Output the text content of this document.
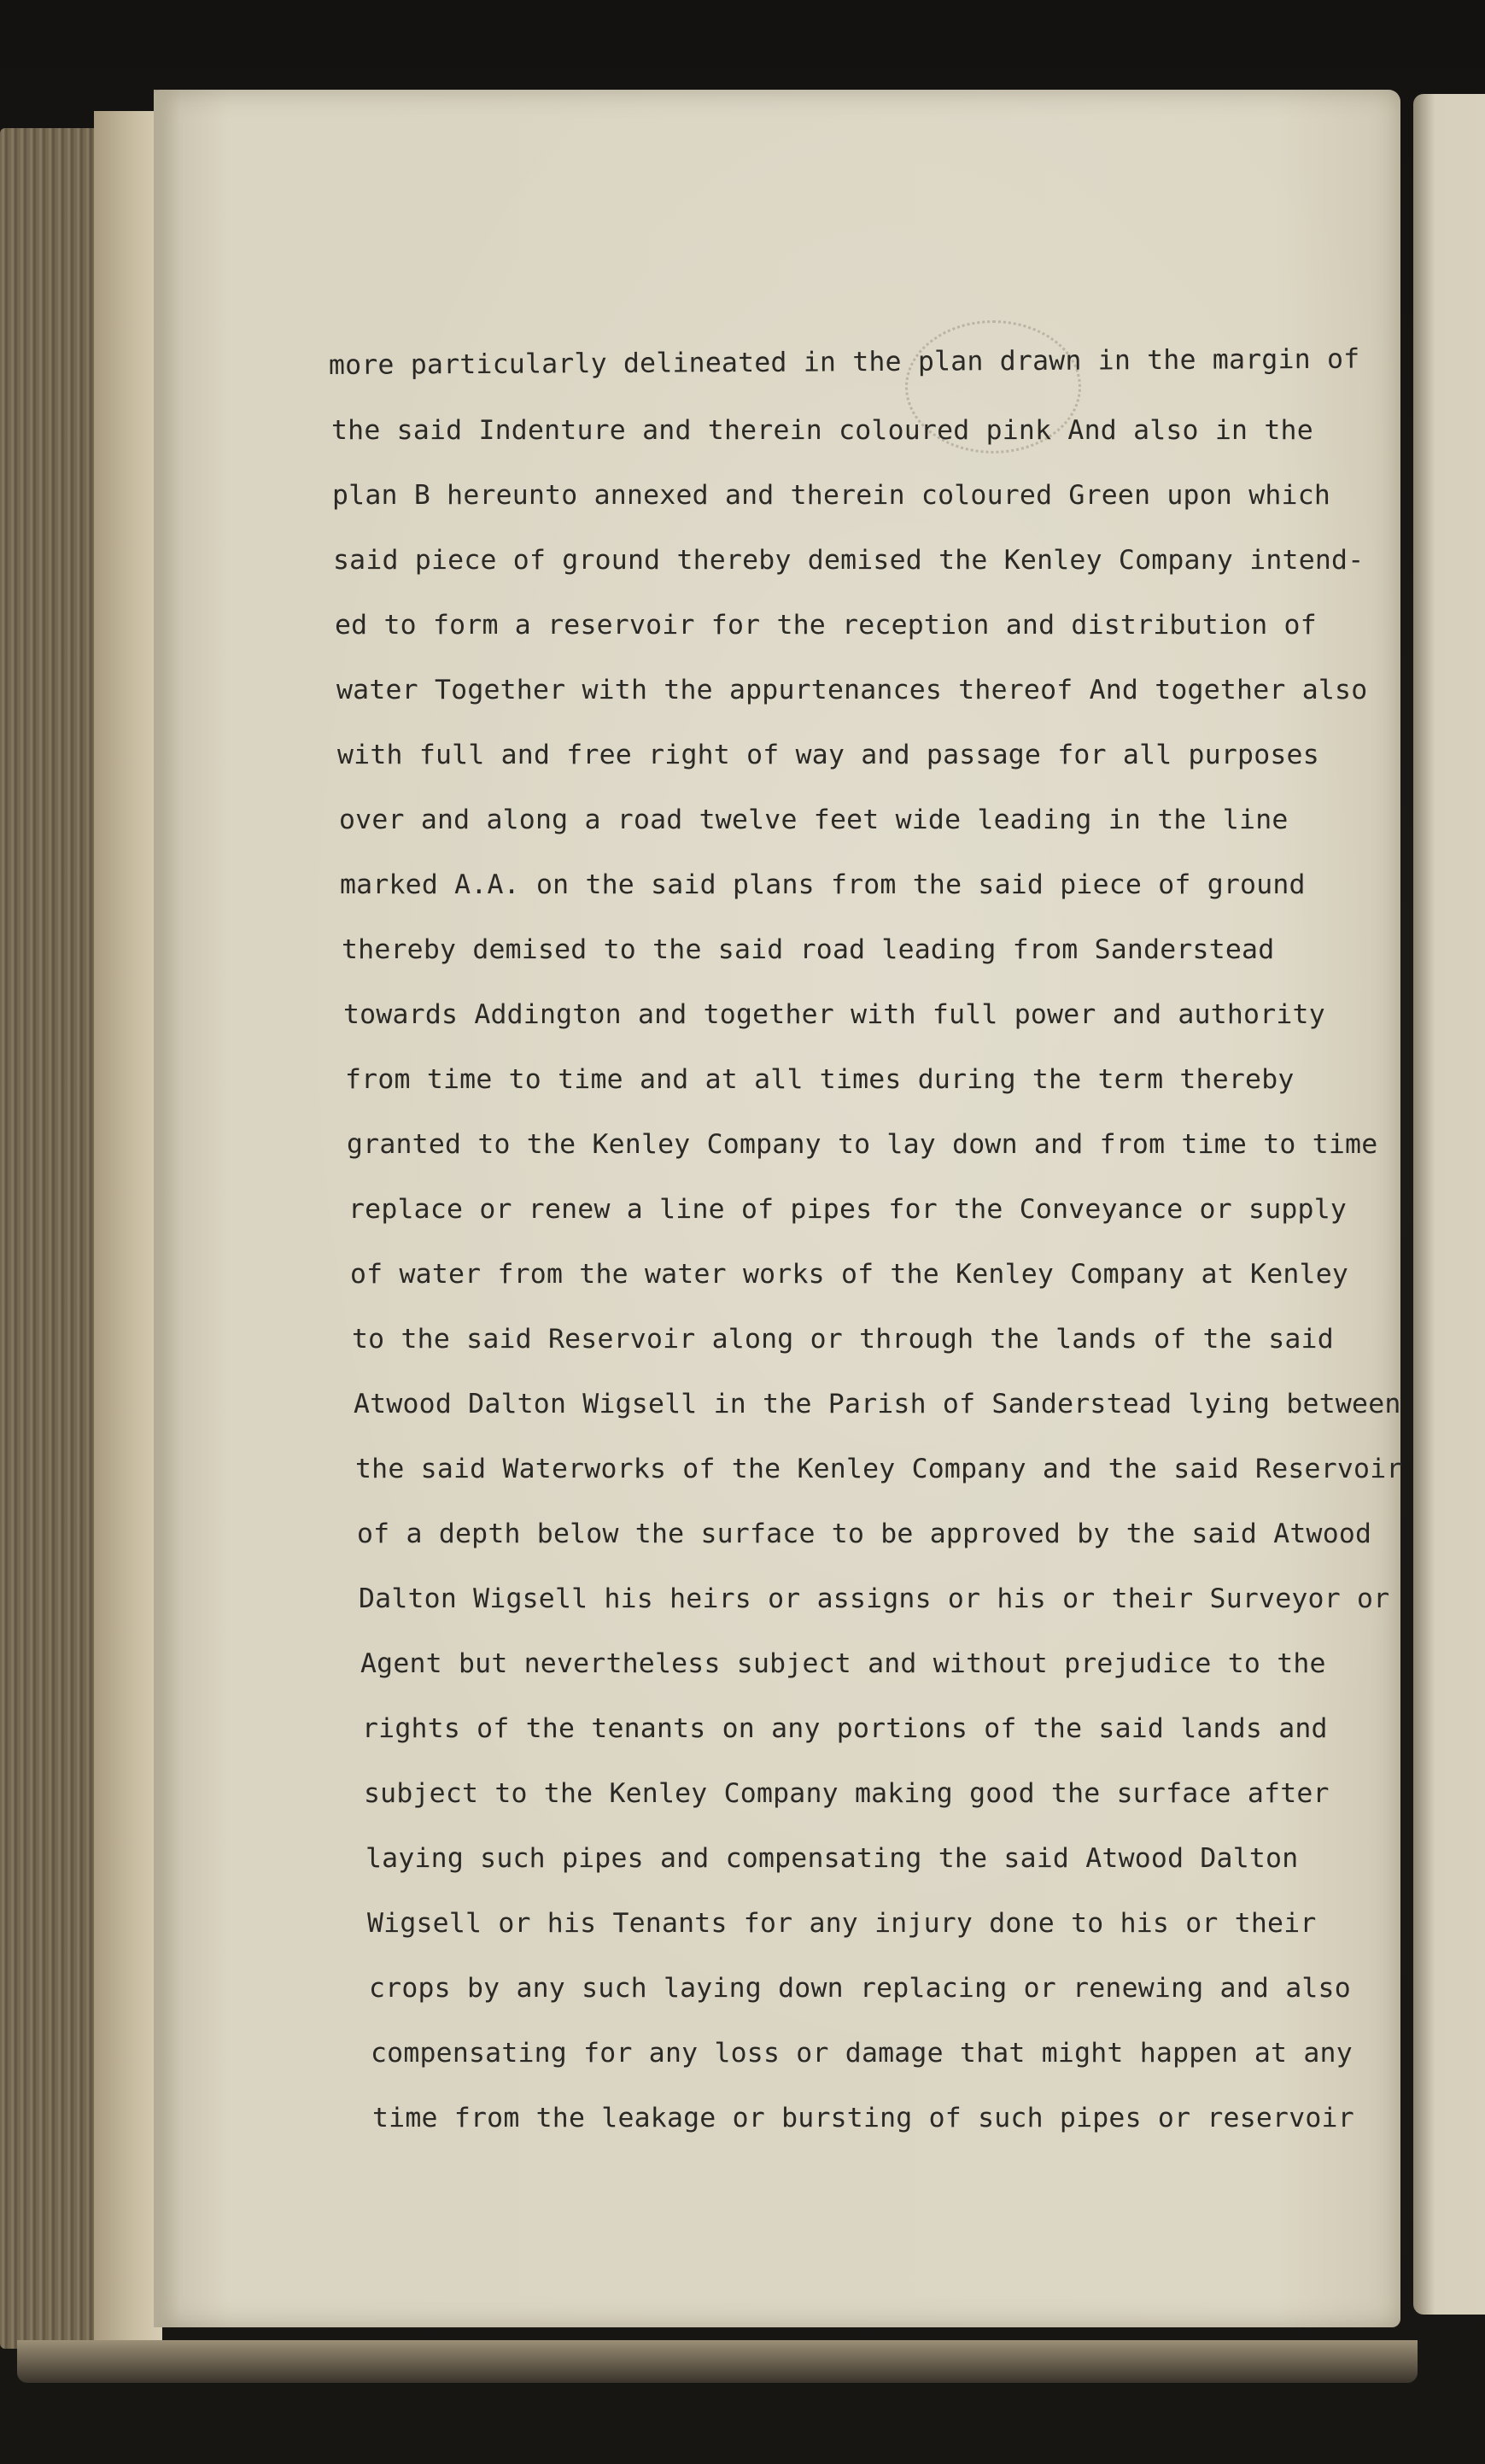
more particularly delineated in the plan drawn in the margin of
the said Indenture and therein coloured pink And also in the
plan B hereunto annexed and therein coloured Green upon which
said piece of ground thereby demised the Kenley Company intend-
ed to form a reservoir for the reception and distribution of
water Together with the appurtenances thereof And together also
with full and free right of way and passage for all purposes
over and along a road twelve feet wide leading in the line
marked A.A. on the said plans from the said piece of ground
thereby demised to the said road leading from Sanderstead
towards Addington and together with full power and authority
from time to time and at all times during the term thereby
granted to the Kenley Company to lay down and from time to time
replace or renew a line of pipes for the Conveyance or supply
of water from the water works of the Kenley Company at Kenley
to the said Reservoir along or through the lands of the said
Atwood Dalton Wigsell in the Parish of Sanderstead lying between
the said Waterworks of the Kenley Company and the said Reservoir
of a depth below the surface to be approved by the said Atwood
Dalton Wigsell his heirs or assigns or his or their Surveyor or
Agent but nevertheless subject and without prejudice to the
rights of the tenants on any portions of the said lands and
subject to the Kenley Company making good the surface after
laying such pipes and compensating the said Atwood Dalton
Wigsell or his Tenants for any injury done to his or their
crops by any such laying down replacing or renewing and also
compensating for any loss or damage that might happen at any
time from the leakage or bursting of such pipes or reservoir
